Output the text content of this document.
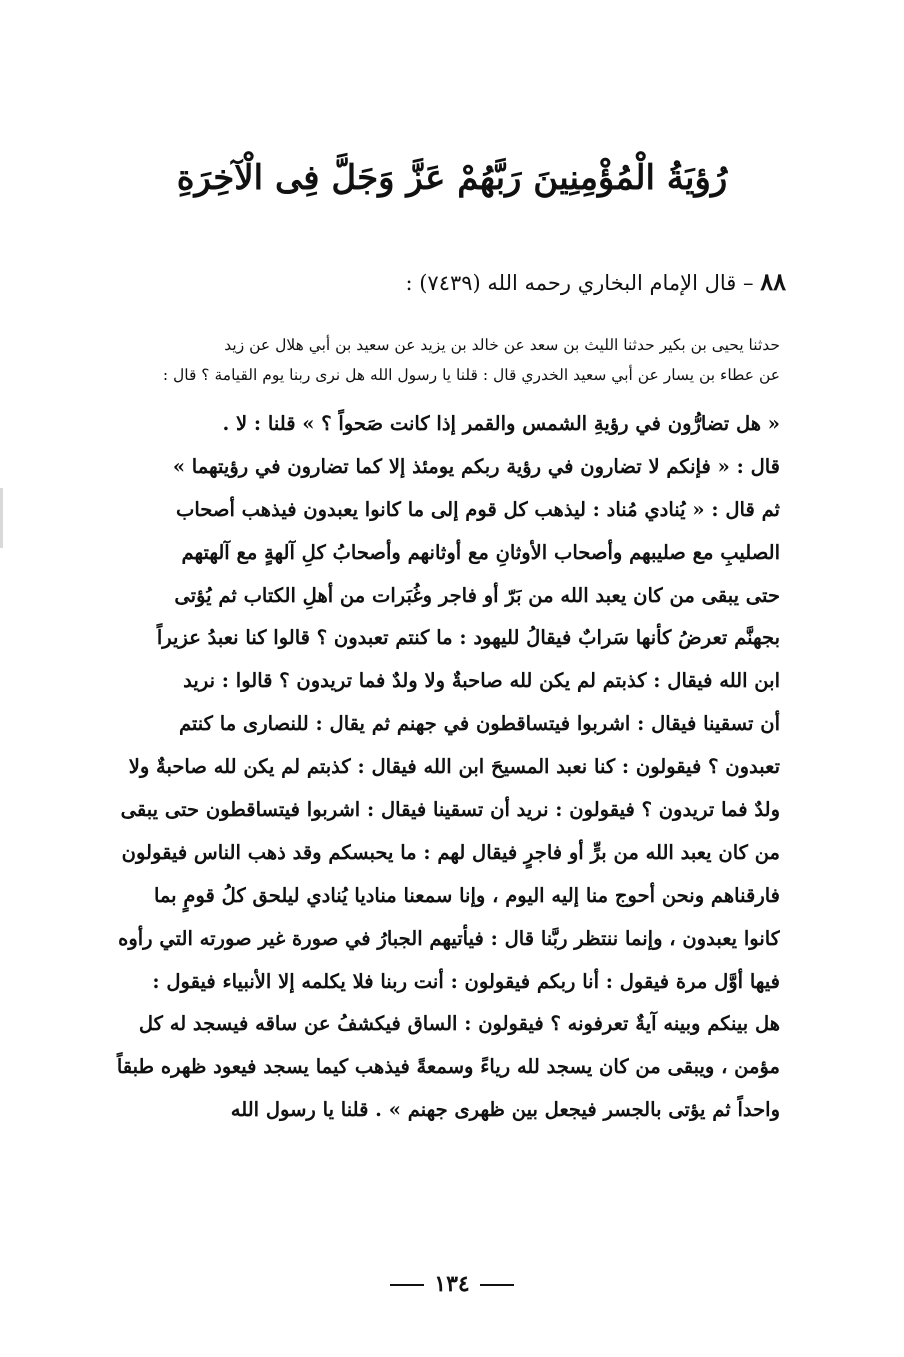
رُؤيَةُ الْمُؤْمِنِينَ رَبَّهُمْ عَزَّ وَجَلَّ فِى الْآخِرَةِ
٨٨ – قال الإمام البخاري رحمه الله (٧٤٣٩) :
حدثنا يحيى بن بكير حدثنا الليث بن سعد عن خالد بن يزيد عن سعيد بن أبي هلال عن زيد
عن عطاء بن يسار عن أبي سعيد الخدري قال : قلنا يا رسول الله هل نرى ربنا يوم القيامة ؟ قال :
« هل تضارُّون في رؤيةِ الشمس والقمر إذا كانت صَحواً ؟ » قلنا : لا .
قال : « فإنكم لا تضارون في رؤية ربكم يومئذ إلا كما تضارون في رؤيتهما »
ثم قال : « يُنادي مُناد : ليذهب كل قوم إلى ما كانوا يعبدون فيذهب أصحاب
الصليبِ مع صليبهم وأصحاب الأوثانِ مع أوثانهم وأصحابُ كلِ آلهةٍ مع آلهتهم
حتى يبقى من كان يعبد الله من بَرّ أو فاجر وغُبَرات من أهلِ الكتاب ثم يُؤتى
بجهنَّم تعرضُ كأنها سَرابٌ فيقالُ لليهود : ما كنتم تعبدون ؟ قالوا كنا نعبدُ عزيراً
ابن الله فيقال : كذبتم لم يكن لله صاحبةٌ ولا ولدٌ فما تريدون ؟ قالوا : نريد
أن تسقينا فيقال : اشربوا فيتساقطون في جهنم ثم يقال : للنصارى ما كنتم
تعبدون ؟ فيقولون : كنا نعبد المسيحَ ابن الله فيقال : كذبتم لم يكن لله صاحبةٌ ولا
ولدٌ فما تريدون ؟ فيقولون : نريد أن تسقينا فيقال : اشربوا فيتساقطون حتى يبقى
من كان يعبد الله من برٍّ أو فاجرٍ فيقال لهم : ما يحبسكم وقد ذهب الناس فيقولون
فارقناهم ونحن أحوج منا إليه اليوم ، وإنا سمعنا مناديا يُنادي ليلحق كلُ قومٍ بما
كانوا يعبدون ، وإنما ننتظر ربَّنا قال : فيأتيهم الجبارُ في صورة غير صورته التي رأوه
فيها أوَّل مرة فيقول : أنا ربكم فيقولون : أنت ربنا فلا يكلمه إلا الأنبياء فيقول :
هل بينكم وبينه آيةٌ تعرفونه ؟ فيقولون : الساق فيكشفُ عن ساقه فيسجد له كل
مؤمن ، ويبقى من كان يسجد لله رياءً وسمعةً فيذهب كيما يسجد فيعود ظهره طبقاً
واحداً ثم يؤتى بالجسر فيجعل بين ظهرى جهنم » . قلنا يا رسول الله
١٣٤
